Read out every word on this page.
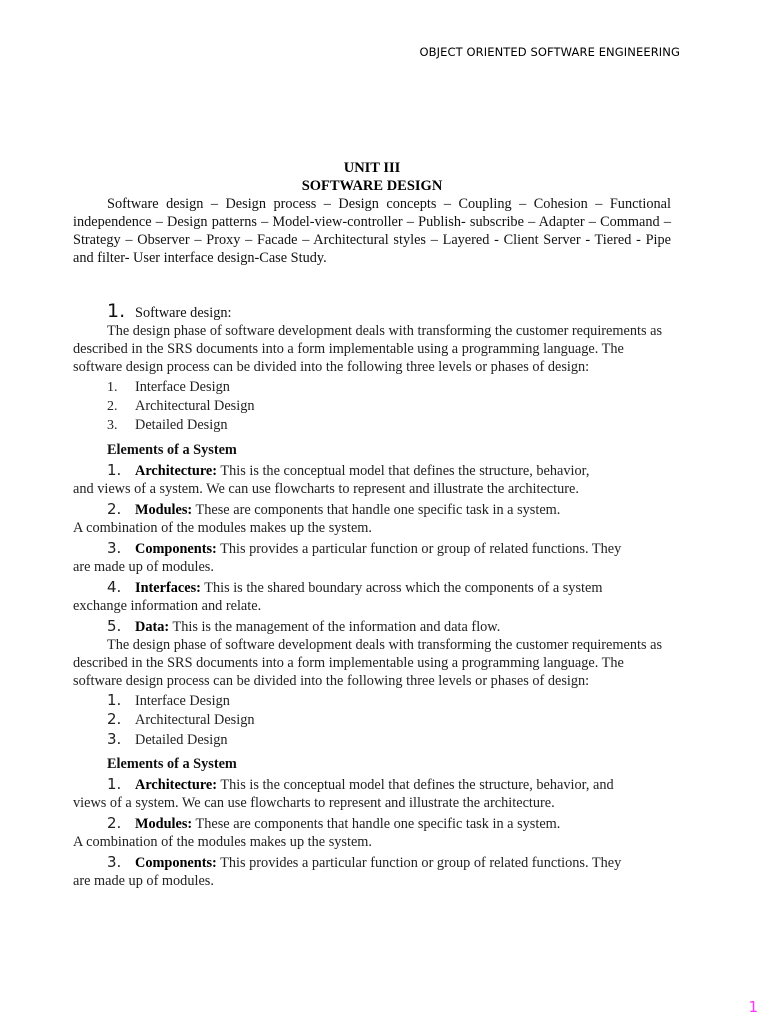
OBJECT ORIENTED SOFTWARE ENGINEERING
UNIT III
SOFTWARE DESIGN
Software design – Design process – Design concepts – Coupling – Cohesion – Functional independence – Design patterns – Model-view-controller – Publish- subscribe – Adapter – Command – Strategy – Observer – Proxy – Facade – Architectural styles – Layered - Client Server - Tiered - Pipe and filter- User interface design-Case Study.
1. Software design:

The design phase of software development deals with transforming the customer requirements as described in the SRS documents into a form implementable using a programming language. The software design process can be divided into the following three levels or phases of design:

1.	Interface Design
2.	Architectural Design
3.	Detailed Design
Elements of a System
1. Architecture: This is the conceptual model that defines the structure, behavior,
and views of a system. We can use flowcharts to represent and illustrate the architecture.
2. Modules: These are components that handle one specific task in a system.
A combination of the modules makes up the system.
3. Components: This provides a particular function or group of related functions. They
are made up of modules.
4. Interfaces: This is the shared boundary across which the components of a system
exchange information and relate.
5. Data: This is the management of the information and data flow.

The design phase of software development deals with transforming the customer requirements as described in the SRS documents into a form implementable using a programming language. The software design process can be divided into the following three levels or phases of design:

1. Interface Design
2. Architectural Design
3. Detailed Design
Elements of a System
1. Architecture: This is the conceptual model that defines the structure, behavior, and
views of a system. We can use flowcharts to represent and illustrate the architecture.
2. Modules: These are components that handle one specific task in a system.
A combination of the modules makes up the system.
3. Components: This provides a particular function or group of related functions. They
are made up of modules.
1
